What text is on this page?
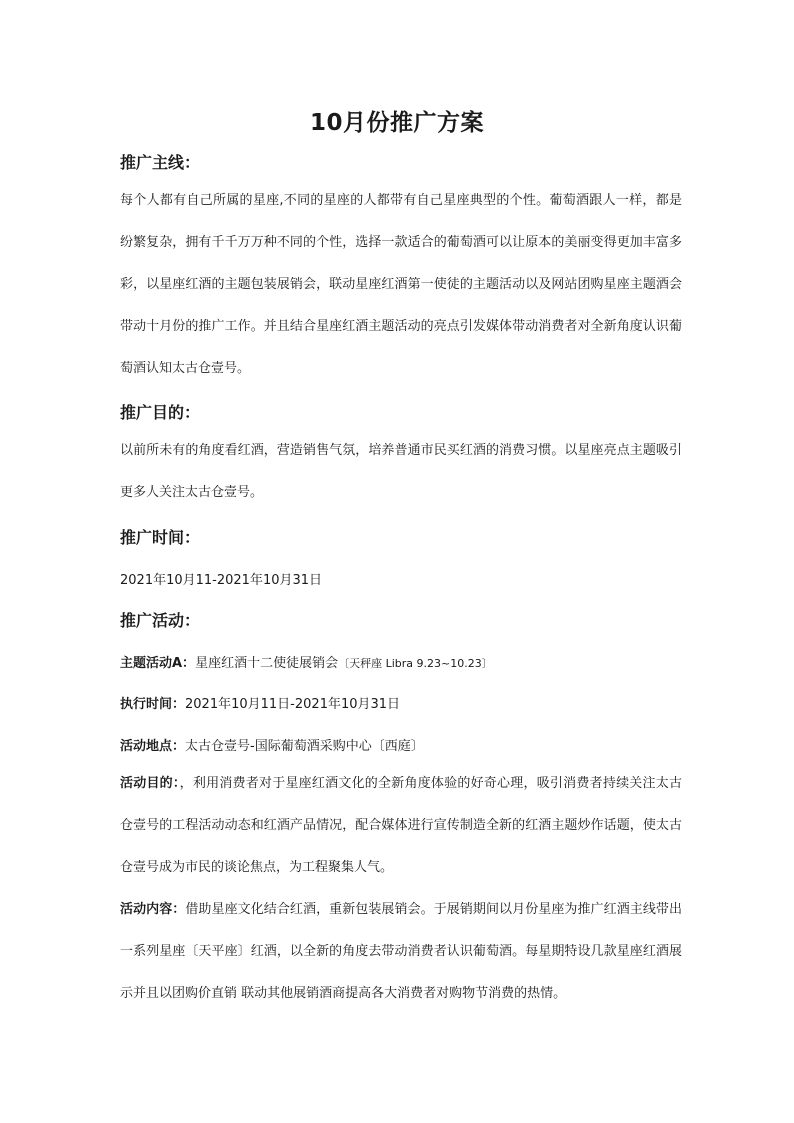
10月份推广方案
推广主线：
每个人都有自己所属的星座,不同的星座的人都带有自己星座典型的个性。葡萄酒跟人一样，都是纷繁复杂，拥有千千万万种不同的个性，选择一款适合的葡萄酒可以让原本的美丽变得更加丰富多彩，以星座红酒的主题包装展销会，联动星座红酒第一使徒的主题活动以及网站团购星座主题酒会带动十月份的推广工作。并且结合星座红酒主题活动的亮点引发媒体带动消费者对全新角度认识葡萄酒认知太古仓壹号。
推广目的：
以前所未有的角度看红酒，营造销售气氛，培养普通市民买红酒的消费习惯。以星座亮点主题吸引更多人关注太古仓壹号。
推广时间：
2021年10月11-2021年10月31日
推广活动：
主题活动A：星座红酒十二使徒展销会〔天秤座 Libra 9.23~10.23〕
执行时间：2021年10月11日-2021年10月31日
活动地点：太古仓壹号-国际葡萄酒采购中心〔西庭〕
活动目的：，利用消费者对于星座红酒文化的全新角度体验的好奇心理，吸引消费者持续关注太古仓壹号的工程活动动态和红酒产品情况，配合媒体进行宣传制造全新的红酒主题炒作话题，使太古仓壹号成为市民的谈论焦点，为工程聚集人气。
活动内容：借助星座文化结合红酒，重新包装展销会。于展销期间以月份星座为推广红酒主线带出一系列星座〔天平座〕红酒，以全新的角度去带动消费者认识葡萄酒。每星期特设几款星座红酒展示并且以团购价直销 联动其他展销酒商提高各大消费者对购物节消费的热情。
